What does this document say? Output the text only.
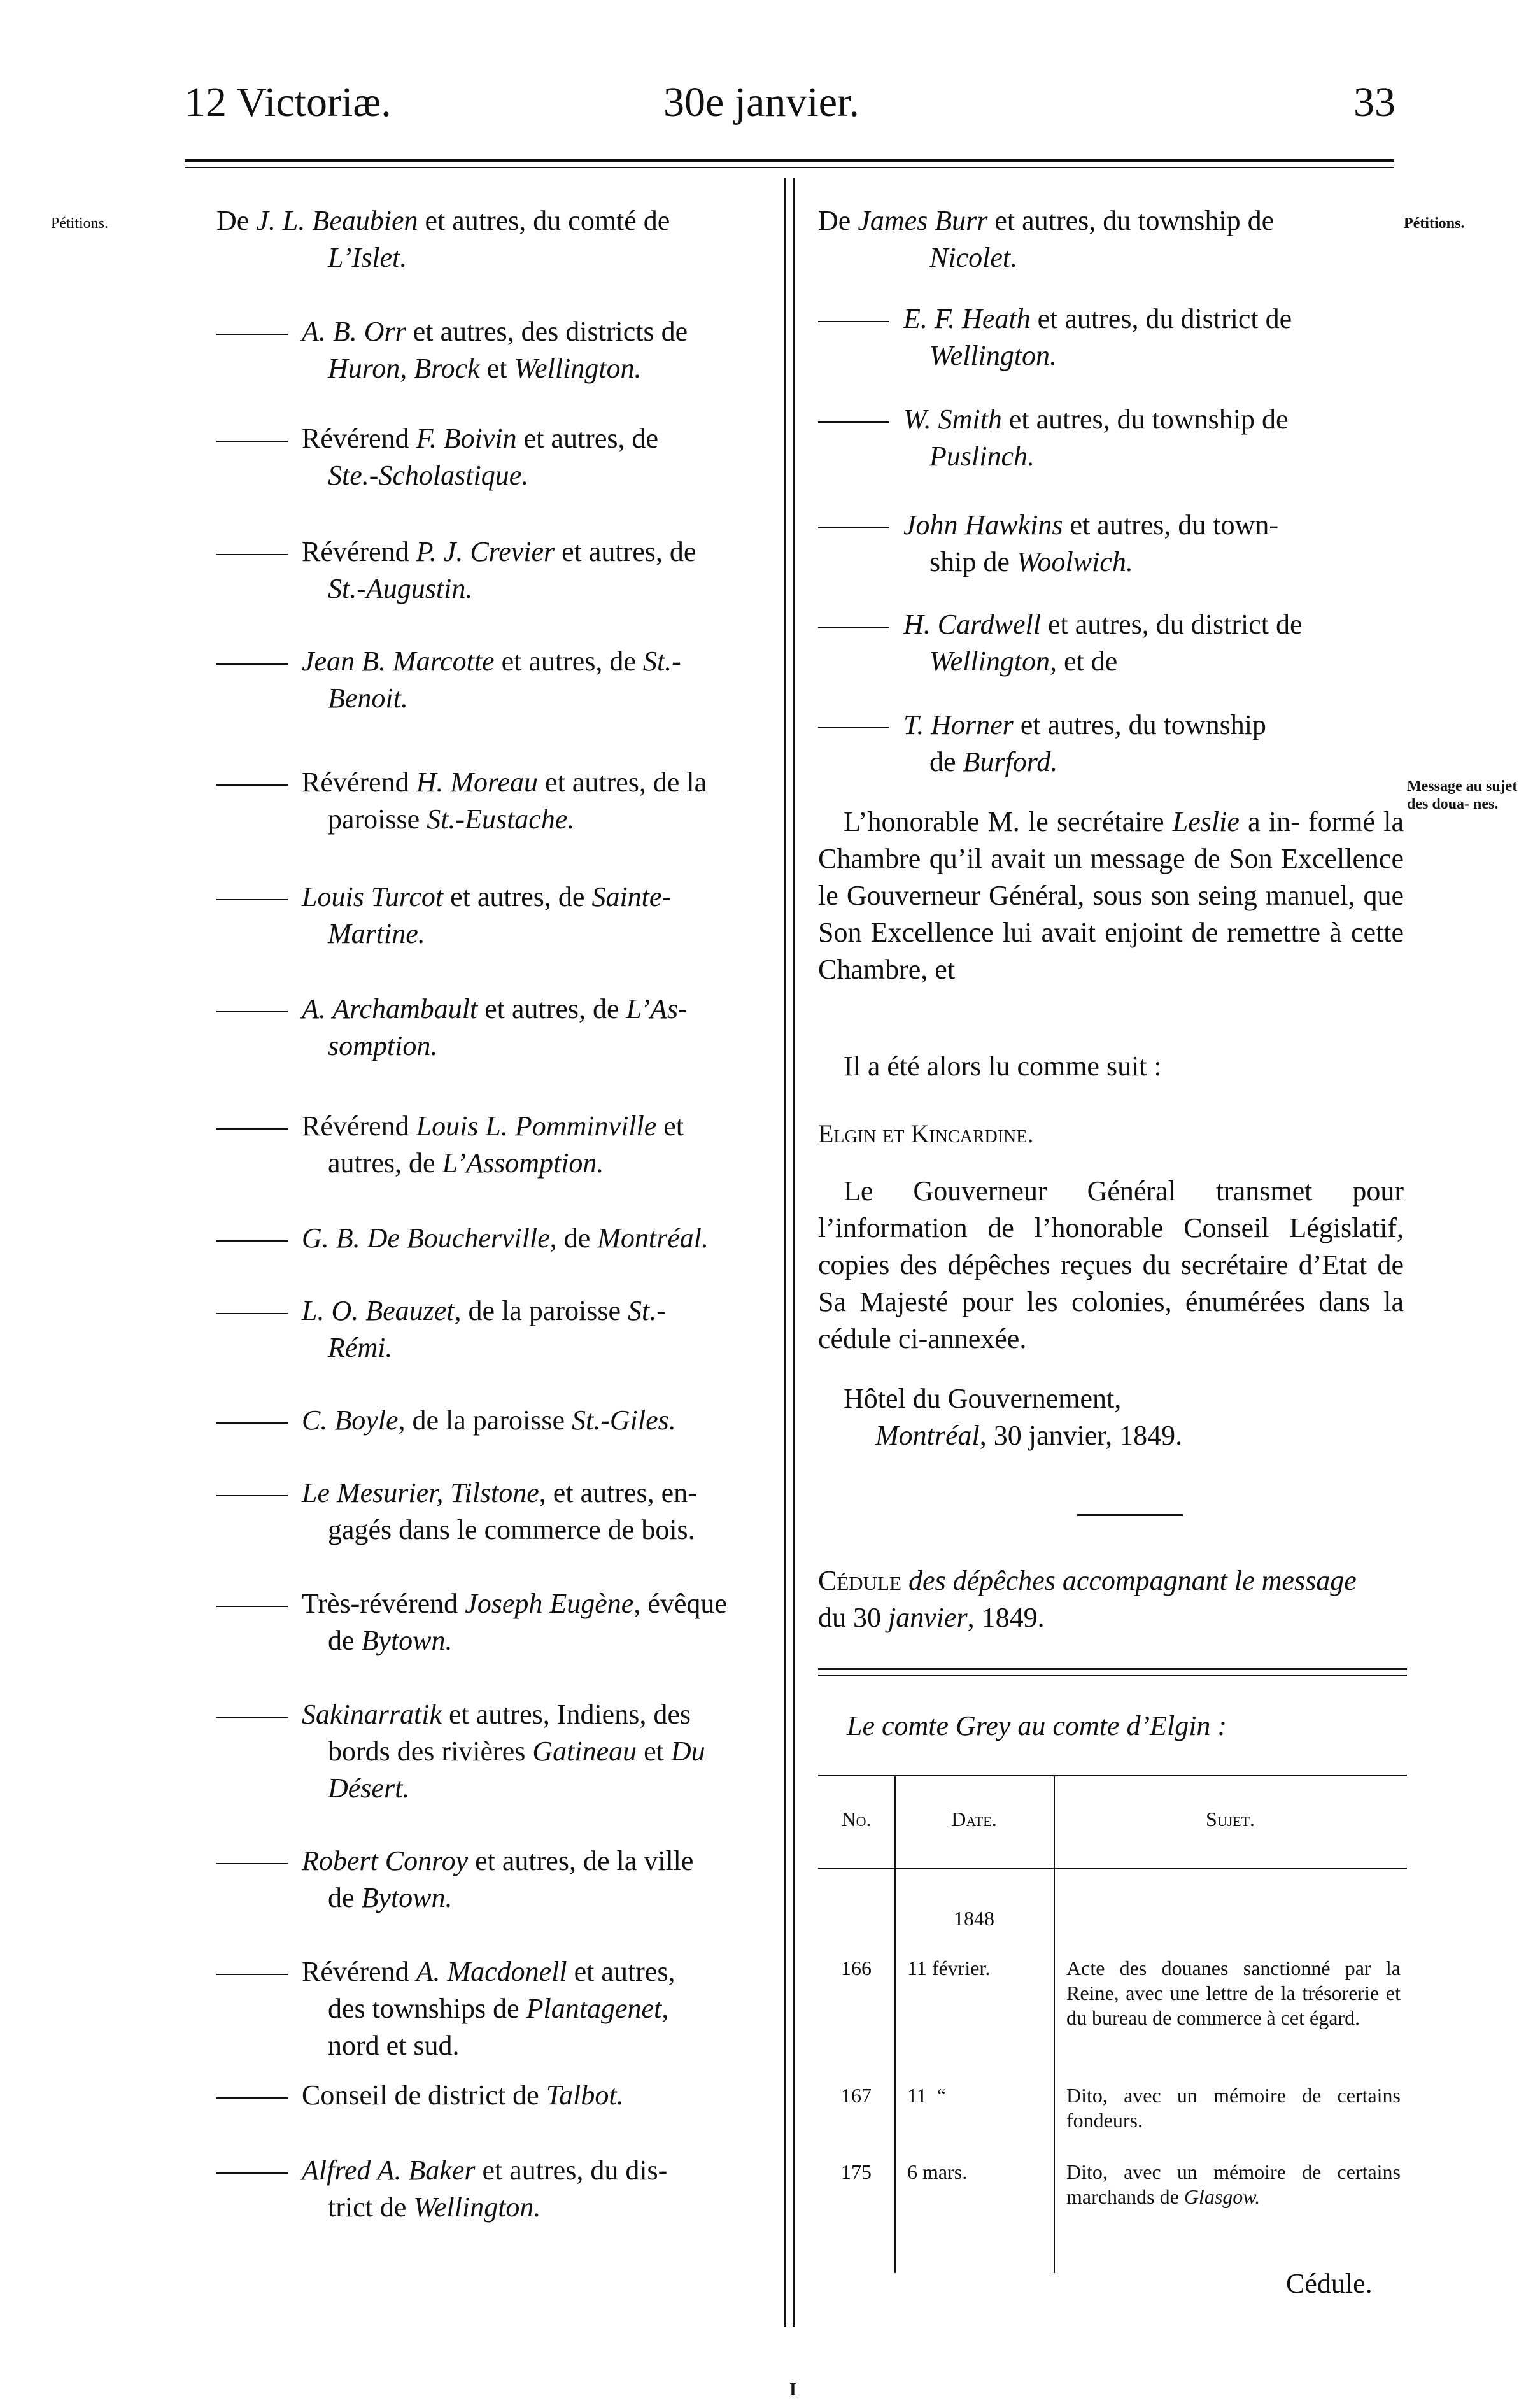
12 Victoriæ.	30e janvier.	33
Pétitions.	Pétitions.
Message au sujet des doua- nes.
De J. L. Beaubien et autres, du comté de
L’Islet.
A. B. Orr et autres, des districts de
Huron, Brock et Wellington.
Révérend F. Boivin et autres, de
Ste.-Scholastique.
Révérend P. J. Crevier et autres, de
St.-Augustin.
Jean B. Marcotte et autres, de St.-
Benoit.
Révérend H. Moreau et autres, de la
paroisse St.-Eustache.
Louis Turcot et autres, de Sainte-
Martine.
A. Archambault et autres, de L’As-
somption.
Révérend Louis L. Pomminville et
autres, de L’Assomption.
G. B. De Boucherville, de Montréal.
L. O. Beauzet, de la paroisse St.-
Rémi.
C. Boyle, de la paroisse St.-Giles.
Le Mesurier, Tilstone, et autres, en-
gagés dans le commerce de bois.
Très-révérend Joseph Eugène, évêque
de Bytown.
Sakinarratik et autres, Indiens, des
bords des rivières Gatineau et Du
Désert.
Robert Conroy et autres, de la ville
de Bytown.
Révérend A. Macdonell et autres,
des townships de Plantagenet,
nord et sud.
Conseil de district de Talbot.
Alfred A. Baker et autres, du dis-
trict de Wellington.
De James Burr et autres, du township de
Nicolet.
E. F. Heath et autres, du district de
Wellington.
W. Smith et autres, du township de
Puslinch.
John Hawkins et autres, du town-
ship de Woolwich.
H. Cardwell et autres, du district de
Wellington, et de
T. Horner et autres, du township
de Burford.
L’honorable M. le secrétaire Leslie a in- formé la Chambre qu’il avait un message de Son Excellence le Gouverneur Général, sous son seing manuel, que Son Excellence lui avait enjoint de remettre à cette Chambre, et
Il a été alors lu comme suit :
Elgin et Kincardine.
Le Gouverneur Général transmet pour l’information de l’honorable Conseil Législatif, copies des dépêches reçues du secrétaire d’Etat de Sa Majesté pour les colonies, énumérées dans la cédule ci-annexée.
Hôtel du Gouvernement,
Montréal, 30 janvier, 1849.
Cédule des dépêches accompagnant le message
du 30 janvier, 1849.
Le comte Grey au comte d’Elgin :
No.	Date.	Sujet.
1848
166	11 février.	Acte des douanes sanctionné par la Reine, avec une lettre de la trésorerie et du bureau de commerce à cet égard.
167	11  “	Dito, avec un mémoire de certains fondeurs.
175	6 mars.	Dito, avec un mémoire de certains marchands de Glasgow.
Cédule.
I
